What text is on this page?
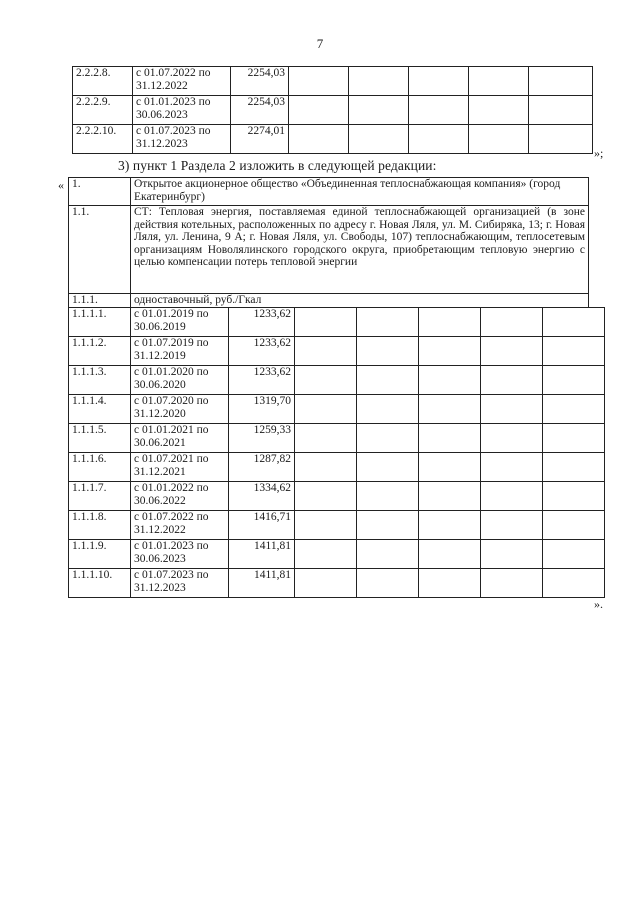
7
2.2.2.8.	с 01.07.2022 по 31.12.2022	2254,03					
2.2.2.9.	с 01.01.2023 по 30.06.2023	2254,03					
2.2.2.10.	с 01.07.2023 по 31.12.2023	2274,01					
»;
3) пункт 1 Раздела 2 изложить в следующей редакции:
« 1.	Открытое акционерное общество «Объединенная теплоснабжающая компания» (город Екатеринбург)
1.1.	СТ: Тепловая энергия, поставляемая единой теплоснабжающей организацией (в зоне действия котельных, расположенных по адресу г. Новая Ляля, ул. М. Сибиряка, 13; г. Новая Ляля, ул. Ленина, 9 А; г. Новая Ляля, ул. Свободы, 107) теплоснабжающим, теплосетевым организациям Новолялинского городского округа, приобретающим тепловую энергию с целью компенсации потерь тепловой энергии
1.1.1.	одноставочный, руб./Гкал
1.1.1.1.	с 01.01.2019 по 30.06.2019	1233,62					
1.1.1.2.	с 01.07.2019 по 31.12.2019	1233,62					
1.1.1.3.	с 01.01.2020 по 30.06.2020	1233,62					
1.1.1.4.	с 01.07.2020 по 31.12.2020	1319,70					
1.1.1.5.	с 01.01.2021 по 30.06.2021	1259,33					
1.1.1.6.	с 01.07.2021 по 31.12.2021	1287,82					
1.1.1.7.	с 01.01.2022 по 30.06.2022	1334,62					
1.1.1.8.	с 01.07.2022 по 31.12.2022	1416,71					
1.1.1.9.	с 01.01.2023 по 30.06.2023	1411,81					
1.1.1.10.	с 01.07.2023 по 31.12.2023	1411,81					
».
